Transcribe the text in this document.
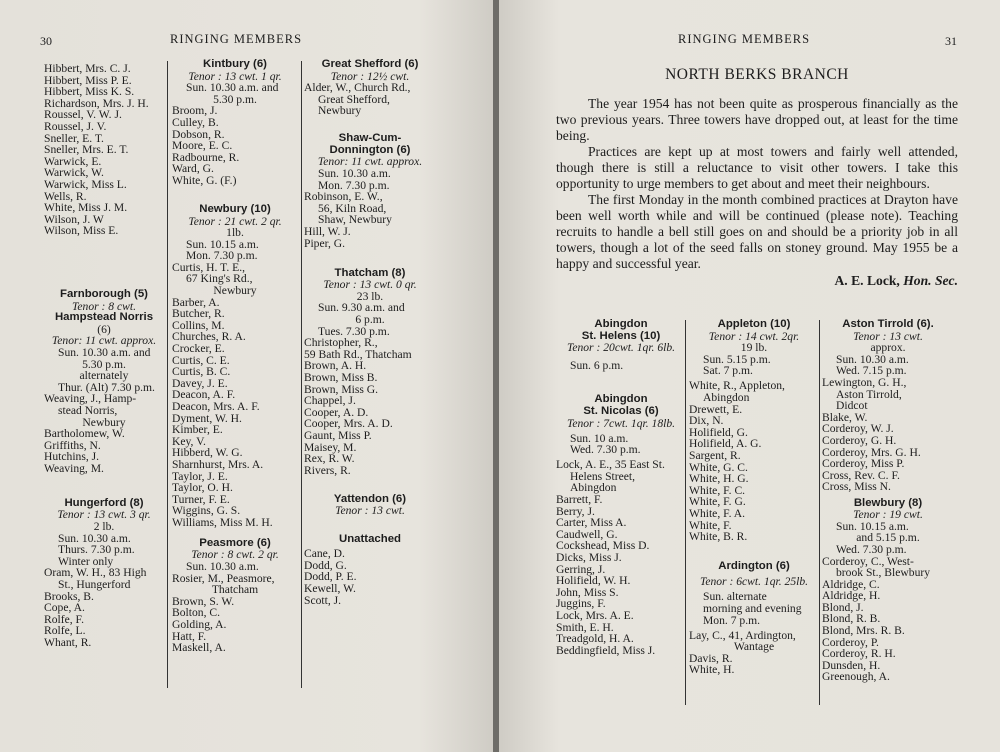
30	RINGING MEMBERS
Hibbert, Mrs. C. J.
Hibbert, Miss P. E.
Hibbert, Miss K. S.
Richardson, Mrs. J. H.
Roussel, V. W. J.
Roussel, J. V.
Sneller, E. T.
Sneller, Mrs. E. T.
Warwick, E.
Warwick, W.
Warwick, Miss L.
Wells, R.
White, Miss J. M.
Wilson, J. W
Wilson, Miss E.
Farnborough (5)
Tenor : 8 cwt.
Hampstead Norris
(6)
Tenor: 11 cwt. approx.
Sun. 10.30 a.m. and
5.30 p.m.
alternately
Thur. (Alt) 7.30 p.m.
Weaving, J., Hamp-
stead Norris,
Newbury
Bartholomew, W.
Griffiths, N.
Hutchins, J.
Weaving, M.
Hungerford (8)
Tenor : 13 cwt. 3 qr.
2 lb.
Sun. 10.30 a.m.
Thurs. 7.30 p.m.
Winter only
Oram, W. H., 83 High
St., Hungerford
Brooks, B.
Cope, A.
Rolfe, F.
Rolfe, L.
Whant, R.
Kintbury (6)
Tenor : 13 cwt. 1 qr.
Sun. 10.30 a.m. and
5.30 p.m.
Broom, J.
Culley, B.
Dobson, R.
Moore, E. C.
Radbourne, R.
Ward, G.
White, G. (F.)
Newbury (10)
Tenor : 21 cwt. 2 qr.
1lb.
Sun. 10.15 a.m.
Mon. 7.30 p.m.
Curtis, H. T. E.,
67 King's Rd.,
Newbury
Barber, A.
Butcher, R.
Collins, M.
Churches, R. A.
Crocker, E.
Curtis, C. E.
Curtis, B. C.
Davey, J. E.
Deacon, A. F.
Deacon, Mrs. A. F.
Dyment, W. H.
Kimber, E.
Key, V.
Hibberd, W. G.
Sharnhurst, Mrs. A.
Taylor, J. E.
Taylor, O. H.
Turner, F. E.
Wiggins, G. S.
Williams, Miss M. H.
Peasmore (6)
Tenor : 8 cwt. 2 qr.
Sun. 10.30 a.m.
Rosier, M., Peasmore,
Thatcham
Brown, S. W.
Bolton, C.
Golding, A.
Hatt, F.
Maskell, A.
Great Shefford (6)
Tenor : 12½ cwt.
Alder, W., Church Rd.,
Great Shefford,
Newbury
Shaw-Cum-
Donnington (6)
Tenor: 11 cwt. approx.
Sun. 10.30 a.m.
Mon. 7.30 p.m.
Robinson, E. W.,
56, Kiln Road,
Shaw, Newbury
Hill, W. J.
Piper, G.
Thatcham (8)
Tenor : 13 cwt. 0 qr.
23 lb.
Sun. 9.30 a.m. and
6 p.m.
Tues. 7.30 p.m.
Christopher, R.,
59 Bath Rd., Thatcham
Brown, A. H.
Brown, Miss B.
Brown, Miss G.
Chappel, J.
Cooper, A. D.
Cooper, Mrs. A. D.
Gaunt, Miss P.
Maisey, M.
Rex, R. W.
Rivers, R.
Yattendon (6)
Tenor : 13 cwt.
Unattached
Cane, D.
Dodd, G.
Dodd, P. E.
Kewell, W.
Scott, J.
RINGING MEMBERS	31
Abingdon
St. Helens (10)
Tenor : 20cwt. 1qr. 6lb.
Sun. 6 p.m.
Abingdon
St. Nicolas (6)
Tenor : 7cwt. 1qr. 18lb.
Sun. 10 a.m.
Wed. 7.30 p.m.
Lock, A. E., 35 East St.
Helens Street,
Abingdon
Barrett, F.
Berry, J.
Carter, Miss A.
Caudwell, G.
Cockshead, Miss D.
Dicks, Miss J.
Gerring, J.
Holifield, W. H.
John, Miss S.
Juggins, F.
Lock, Mrs. A. E.
Smith, E. H.
Treadgold, H. A.
Beddingfield, Miss J.
Appleton (10)
Tenor : 14 cwt. 2qr.
19 lb.
Sun. 5.15 p.m.
Sat. 7 p.m.
White, R., Appleton,
Abingdon
Drewett, E.
Dix, N.
Holifield, G.
Holifield, A. G.
Sargent, R.
White, G. C.
White, H. G.
White, F. C.
White, F. G.
White, F. A.
White, F.
White, B. R.
Ardington (6)
Tenor : 6cwt. 1qr. 25lb.
Sun. alternate
morning and evening
Mon. 7 p.m.
Lay, C., 41, Ardington,
Wantage
Davis, R.
White, H.
Aston Tirrold (6).
Tenor : 13 cwt.
approx.
Sun. 10.30 a.m.
Wed. 7.15 p.m.
Lewington, G. H.,
Aston Tirrold,
Didcot
Blake, W.
Corderoy, W. J.
Corderoy, G. H.
Corderoy, Mrs. G. H.
Corderoy, Miss P.
Cross, Rev. C. F.
Cross, Miss N.
Blewbury (8)
Tenor : 19 cwt.
Sun. 10.15 a.m.
and 5.15 p.m.
Wed. 7.30 p.m.
Corderoy, C., West-
brook St., Blewbury
Aldridge, C.
Aldridge, H.
Blond, J.
Blond, R. B.
Blond, Mrs. R. B.
Corderoy, P.
Corderoy, R. H.
Dunsden, H.
Greenough, A.
NORTH BERKS BRANCH

The year 1954 has not been quite as prosperous financially as the two previous years. Three towers have dropped out, at least for the time being.

Practices are kept up at most towers and fairly well attended, though there is still a reluctance to visit other towers. I take this opportunity to urge members to get about and meet their neighbours.

The first Monday in the month combined practices at Drayton have been well worth while and will be continued (please note). Teaching recruits to handle a bell still goes on and should be a priority job in all towers, though a lot of the seed falls on stoney ground. May 1955 be a happy and successful year.

A. E. Lock, Hon. Sec.
